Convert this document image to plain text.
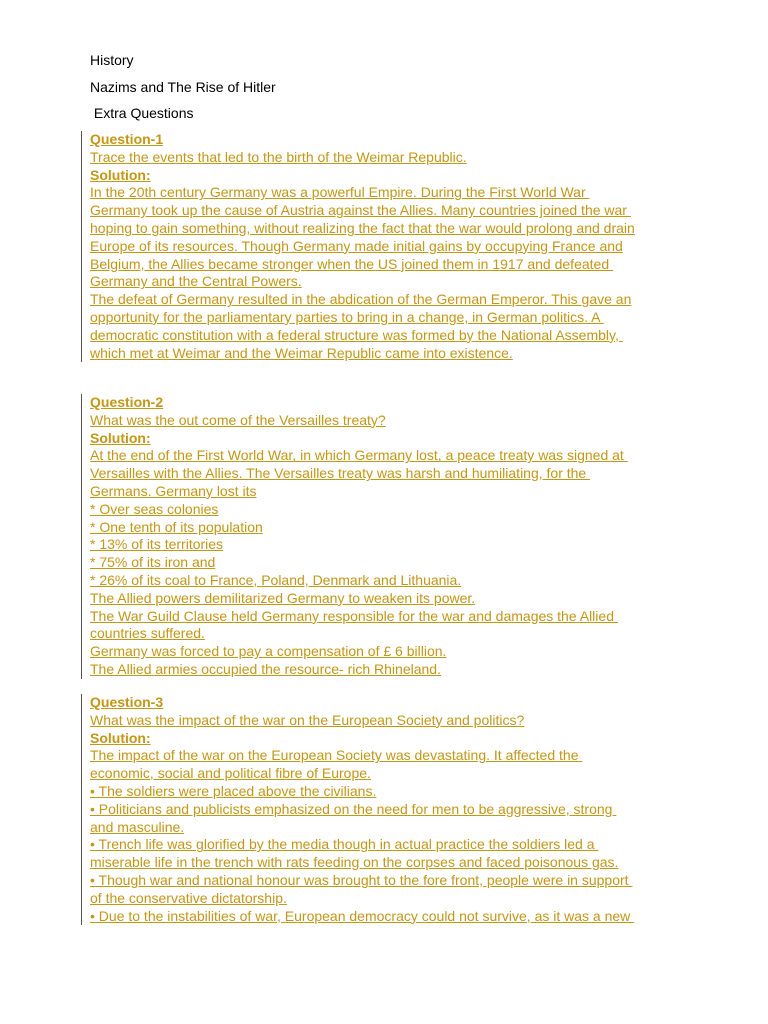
History
Nazims and The Rise of Hitler
Extra Questions

Question-1

Trace the events that led to the birth of the Weimar Republic.

Solution:

In the 20th century Germany was a powerful Empire. During the First World War

Germany took up the cause of Austria against the Allies. Many countries joined the war

hoping to gain something, without realizing the fact that the war would prolong and drain

Europe of its resources. Though Germany made initial gains by occupying France and

Belgium, the Allies became stronger when the US joined them in 1917 and defeated

Germany and the Central Powers.

The defeat of Germany resulted in the abdication of the German Emperor. This gave an

opportunity for the parliamentary parties to bring in a change, in German politics. A

democratic constitution with a federal structure was formed by the National Assembly,

which met at Weimar and the Weimar Republic came into existence.

Question-2

What was the out come of the Versailles treaty?

Solution:

At the end of the First World War, in which Germany lost, a peace treaty was signed at

Versailles with the Allies. The Versailles treaty was harsh and humiliating, for the

Germans. Germany lost its

* Over seas colonies

* One tenth of its population

* 13% of its territories

* 75% of its iron and

* 26% of its coal to France, Poland, Denmark and Lithuania.

The Allied powers demilitarized Germany to weaken its power.

The War Guild Clause held Germany responsible for the war and damages the Allied

countries suffered.

Germany was forced to pay a compensation of £ 6 billion.

The Allied armies occupied the resource- rich Rhineland.

Question-3

What was the impact of the war on the European Society and politics?

Solution:

The impact of the war on the European Society was devastating. It affected the

economic, social and political fibre of Europe.

• The soldiers were placed above the civilians.

• Politicians and publicists emphasized on the need for men to be aggressive, strong

and masculine.

• Trench life was glorified by the media though in actual practice the soldiers led a

miserable life in the trench with rats feeding on the corpses and faced poisonous gas.

• Though war and national honour was brought to the fore front, people were in support

of the conservative dictatorship.

• Due to the instabilities of war, European democracy could not survive, as it was a new
